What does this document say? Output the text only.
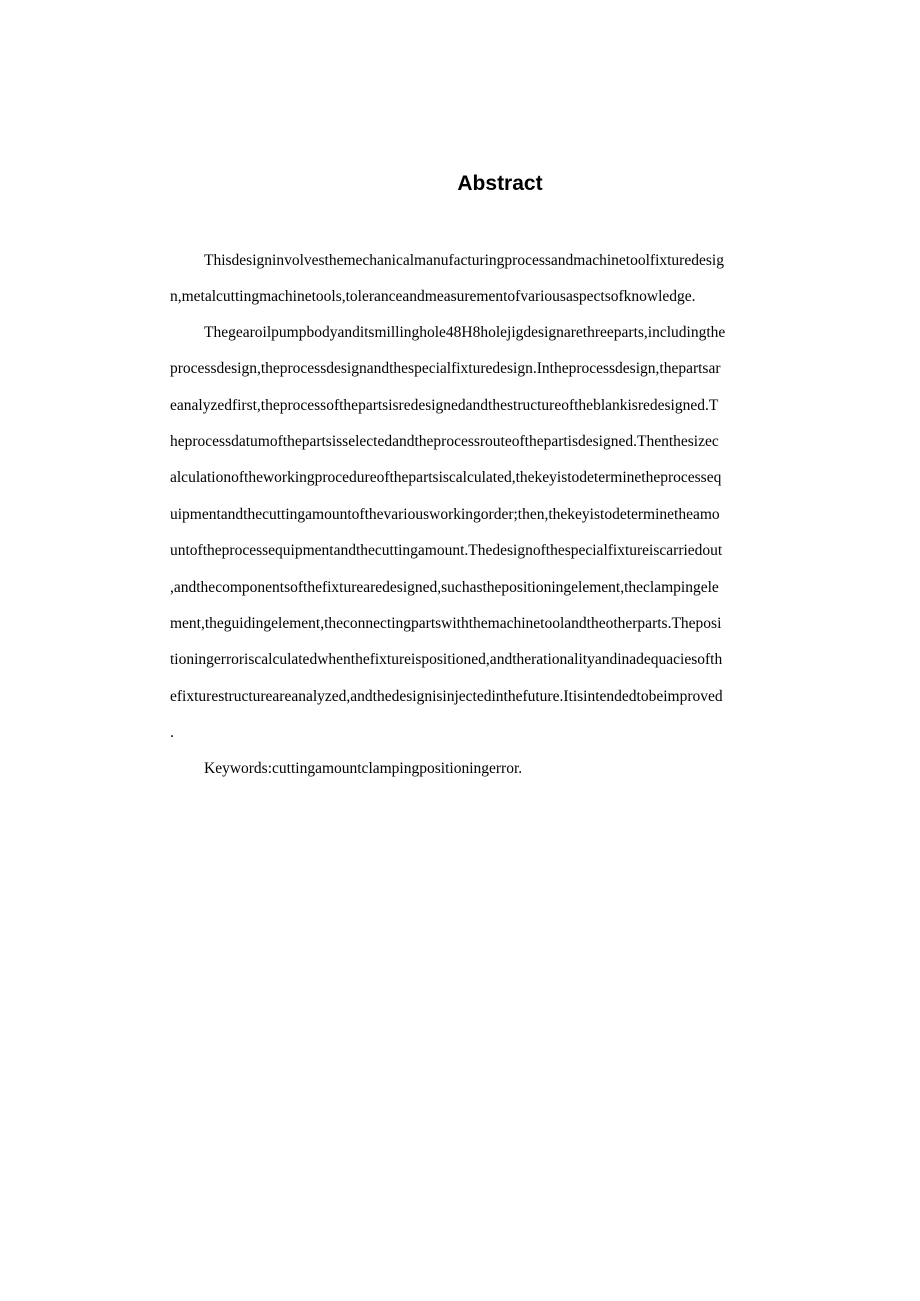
Abstract

Thisdesigninvolvesthemechanicalmanufacturingprocessandmachinetoolfixturedesig

n,metalcuttingmachinetools,toleranceandmeasurementofvariousaspectsofknowledge.

Thegearoilpumpbodyanditsmillinghole48H8holejigdesignarethreeparts,includingthe

processdesign,theprocessdesignandthespecialfixturedesign.Intheprocessdesign,thepartsar

eanalyzedfirst,theprocessofthepartsisredesignedandthestructureoftheblankisredesigned.T

heprocessdatumofthepartsisselectedandtheprocessrouteofthepartisdesigned.Thenthesizec

alculationoftheworkingprocedureofthepartsiscalculated,thekeyistodeterminetheprocesseq

uipmentandthecuttingamountofthevariousworkingorder;then,thekeyistodeterminetheamo

untoftheprocessequipmentandthecuttingamount.Thedesignofthespecialfixtureiscarriedout

,andthecomponentsofthefixturearedesigned,suchasthepositioningelement,theclampingele

ment,theguidingelement,theconnectingpartswiththemachinetoolandtheotherparts.Theposi

tioningerroriscalculatedwhenthefixtureispositioned,andtherationalityandinadequaciesofth

efixturestructureareanalyzed,andthedesignisinjectedinthefuture.Itisintendedtobeimproved

.

Keywords:cuttingamountclampingpositioningerror.
